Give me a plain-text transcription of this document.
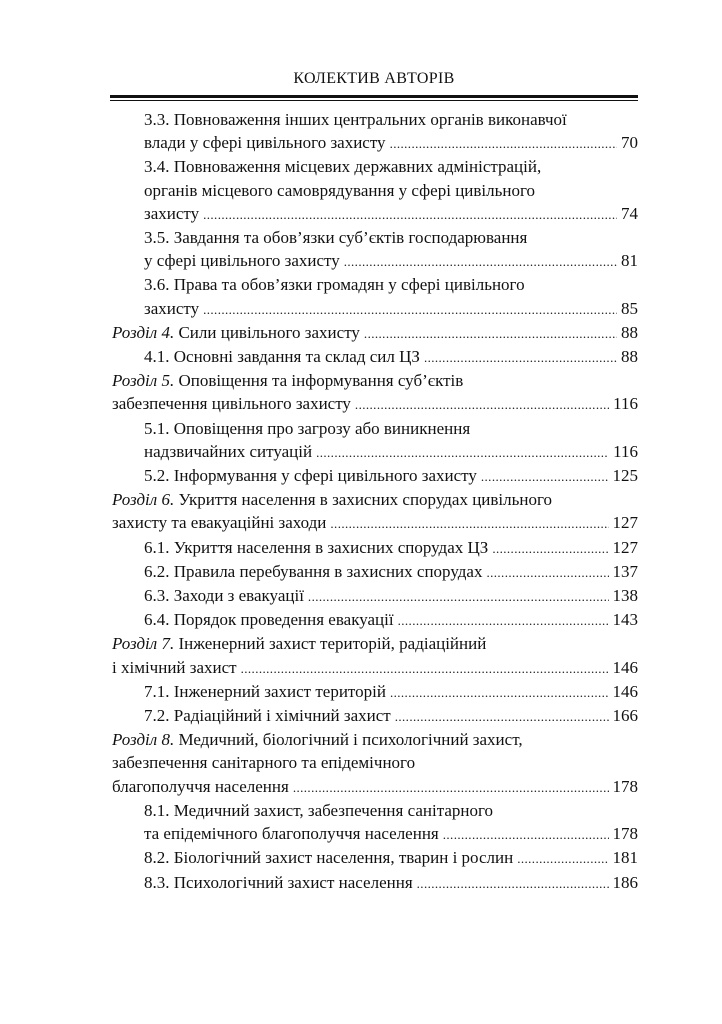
КОЛЕКТИВ АВТОРІВ
3.3. Повноваження інших центральних органів виконавчої
влади у сфері цивільного захисту .....	70
3.4. Повноваження місцевих державних адміністрацій,
органів місцевого самоврядування у сфері цивільного
захисту .....	74
3.5. Завдання та обов’язки суб’єктів господарювання
у сфері цивільного захисту .....	81
3.6. Права та обов’язки громадян у сфері цивільного
захисту .....	85
Розділ 4. Сили цивільного захисту .....	88
4.1. Основні завдання та склад сил ЦЗ .....	88
Розділ 5. Оповіщення та інформування суб’єктів
забезпечення цивільного захисту .....	116
5.1. Оповіщення про загрозу або виникнення
надзвичайних ситуацій .....	116
5.2. Інформування у сфері цивільного захисту .....	125
Розділ 6. Укриття населення в захисних спорудах цивільного
захисту та евакуаційні заходи .....	127
6.1. Укриття населення в захисних спорудах ЦЗ .....	127
6.2. Правила перебування в захисних спорудах .....	137
6.3. Заходи з евакуації .....	138
6.4. Порядок проведення евакуації .....	143
Розділ 7. Інженерний захист територій, радіаційний
і хімічний захист .....	146
7.1. Інженерний захист територій .....	146
7.2. Радіаційний і хімічний захист .....	166
Розділ 8. Медичний, біологічний і психологічний захист,
забезпечення санітарного та епідемічного
благополуччя населення .....	178
8.1. Медичний захист, забезпечення санітарного
та епідемічного благополуччя населення .....	178
8.2. Біологічний захист населення, тварин і рослин .....	181
8.3. Психологічний захист населення .....	186
